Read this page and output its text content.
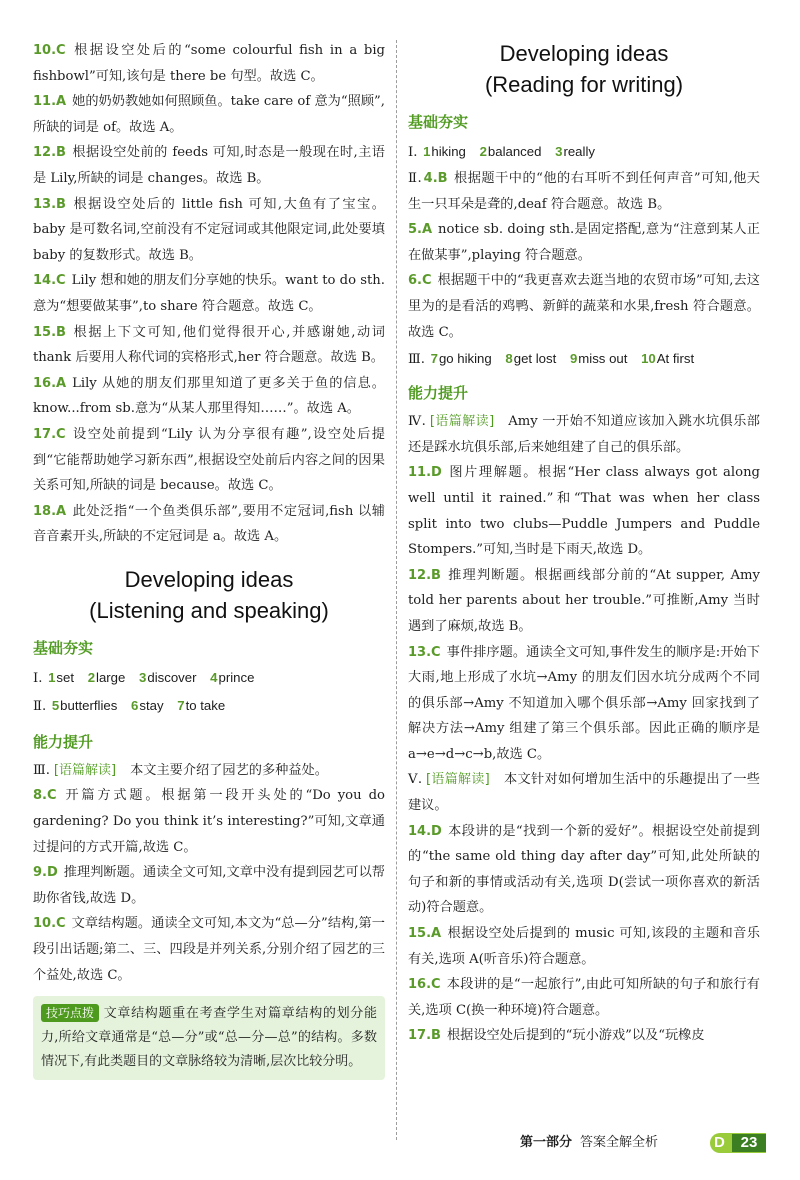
10.C 根据设空处后的“some colourful fish in a big fishbowl”可知,该句是 there be 句型。故选 C。

11.A 她的奶奶教她如何照顾鱼。take care of 意为“照顾”,所缺的词是 of。故选 A。

12.B 根据设空处前的 feeds 可知,时态是一般现在时,主语是 Lily,所缺的词是 changes。故选 B。

13.B 根据设空处后的 little fish 可知,大鱼有了宝宝。baby 是可数名词,空前没有不定冠词或其他限定词,此处要填 baby 的复数形式。故选 B。

14.C Lily 想和她的朋友们分享她的快乐。want to do sth.意为“想要做某事”,to share 符合题意。故选 C。

15.B 根据上下文可知,他们觉得很开心,并感谢她,动词 thank 后要用人称代词的宾格形式,her 符合题意。故选 B。

16.A Lily 从她的朋友们那里知道了更多关于鱼的信息。know...from sb.意为“从某人那里得知……”。故选 A。

17.C 设空处前提到“Lily 认为分享很有趣”,设空处后提到“它能帮助她学习新东西”,根据设空处前后内容之间的因果关系可知,所缺的词是 because。故选 C。

18.A 此处泛指“一个鱼类俱乐部”,要用不定冠词,fish 以辅音音素开头,所缺的不定冠词是 a。故选 A。

Developing ideas
(Listening and speaking)
基础夯实
Ⅰ. 1set 2large 3discover 4prince
Ⅱ. 5butterflies 6stay 7to take
能力提升

Ⅲ. [语篇解读] 本文主要介绍了园艺的多种益处。

8.C 开篇方式题。根据第一段开头处的“Do you do gardening? Do you think it’s interesting?”可知,文章通过提问的方式开篇,故选 C。

9.D 推理判断题。通读全文可知,文章中没有提到园艺可以帮助你省钱,故选 D。

10.C 文章结构题。通读全文可知,本文为“总—分”结构,第一段引出话题;第二、三、四段是并列关系,分别介绍了园艺的三个益处,故选 C。

技巧点拨 文章结构题重在考查学生对篇章结构的划分能力,所给文章通常是“总—分”或“总—分—总”的结构。多数情况下,有此类题目的文章脉络较为清晰,层次比较分明。
Developing ideas
(Reading for writing)
基础夯实
Ⅰ. 1hiking 2balanced 3really

Ⅱ. 4.B 根据题干中的“他的右耳听不到任何声音”可知,他天生一只耳朵是聋的,deaf 符合题意。故选 B。

5.A notice sb. doing sth.是固定搭配,意为“注意到某人正在做某事”,playing 符合题意。

6.C 根据题干中的“我更喜欢去逛当地的农贸市场”可知,去这里为的是看活的鸡鸭、新鲜的蔬菜和水果,fresh 符合题意。故选 C。

Ⅲ. 7go hiking 8get lost 9miss out 10At first
能力提升

Ⅳ. [语篇解读] Amy 一开始不知道应该加入跳水坑俱乐部还是踩水坑俱乐部,后来她组建了自己的俱乐部。

11.D 图片理解题。根据“Her class always got along well until it rained.”和“That was when her class split into two clubs—Puddle Jumpers and Puddle Stompers.”可知,当时是下雨天,故选 D。

12.B 推理判断题。根据画线部分前的“At supper, Amy told her parents about her trouble.”可推断,Amy 当时遇到了麻烦,故选 B。

13.C 事件排序题。通读全文可知,事件发生的顺序是:开始下大雨,地上形成了水坑→Amy 的朋友们因水坑分成两个不同的俱乐部→Amy 不知道加入哪个俱乐部→Amy 回家找到了解决方法→Amy 组建了第三个俱乐部。因此正确的顺序是 a→e→d→c→b,故选 C。

Ⅴ. [语篇解读] 本文针对如何增加生活中的乐趣提出了一些建议。

14.D 本段讲的是“找到一个新的爱好”。根据设空处前提到的“the same old thing day after day”可知,此处所缺的句子和新的事情或活动有关,选项 D(尝试一项你喜欢的新活动)符合题意。

15.A 根据设空处后提到的 music 可知,该段的主题和音乐有关,选项 A(听音乐)符合题意。

16.C 本段讲的是“一起旅行”,由此可知所缺的句子和旅行有关,选项 C(换一种环境)符合题意。

17.B 根据设空处后提到的“玩小游戏”以及“玩橡皮

第一部分 答案全解全析	D	23
